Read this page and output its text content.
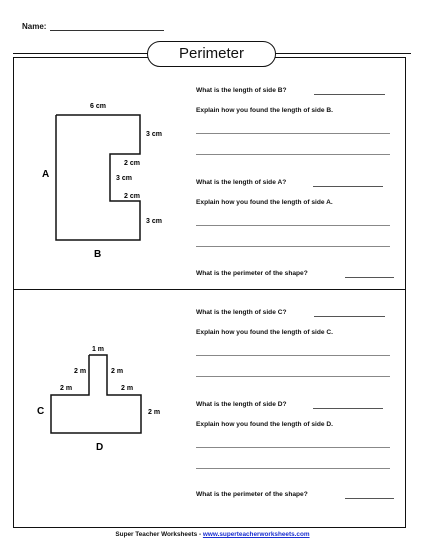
Name:
Perimeter
6 cm
3 cm
2 cm
3 cm
2 cm
3 cm
A
B
What is the length of side B?
Explain how you found the length of side B.
What is the length of side A?
Explain how you found the length of side A.
What is the perimeter of the shape?
1 m
2 m	2 m
2 m	2 m
2 m
C
D
What is the length of side C?
Explain how you found the length of side C.
What is the length of side D?
Explain how you found the length of side D.
What is the perimeter of the shape?
Super Teacher Worksheets - www.superteacherworksheets.com
